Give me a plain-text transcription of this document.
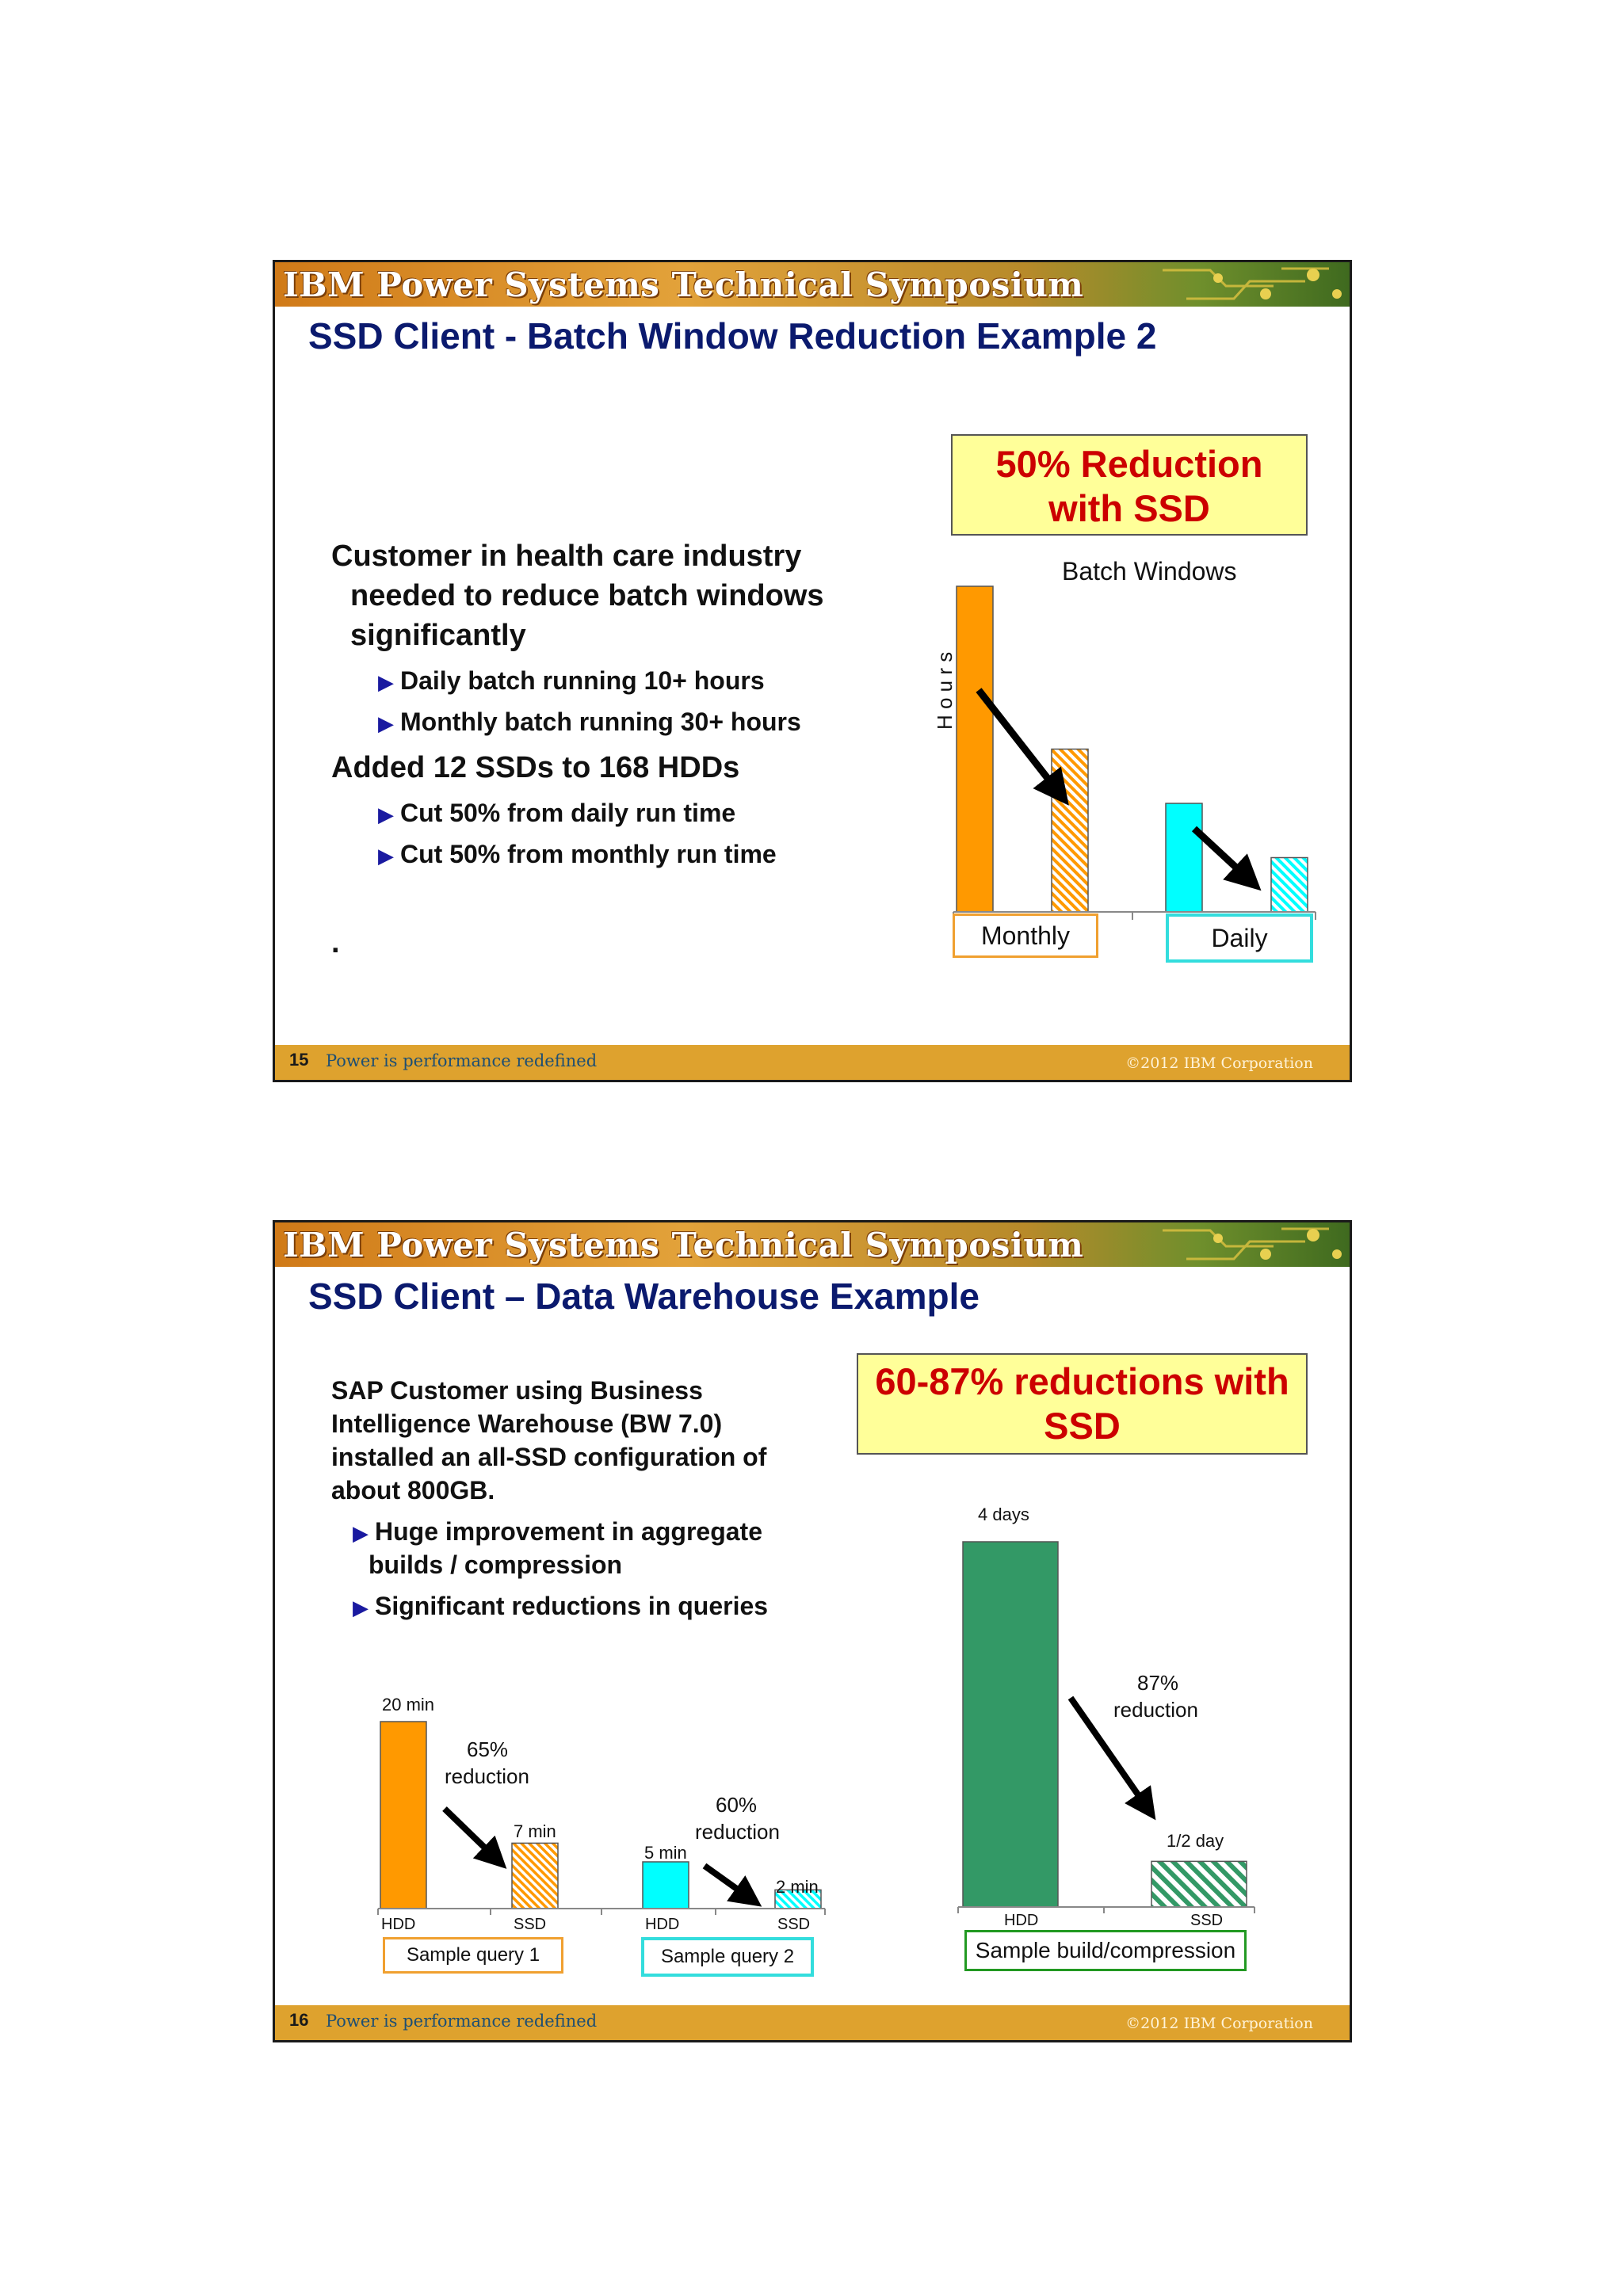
IBM Power Systems Technical Symposium
SSD Client - Batch Window Reduction Example 2
50% Reduction
with SSD
Customer in health care industry
needed to reduce batch windows
significantly
▶ Daily batch running 10+ hours
▶ Monthly batch running 30+ hours
Added 12 SSDs to 168 HDDs
▶ Cut 50% from daily run time
▶ Cut 50% from monthly run time
.
Batch Windows
H o u r s
Monthly	Daily
15 Power is performance redefined	©2012 IBM Corporation
IBM Power Systems Technical Symposium
SSD Client – Data Warehouse Example
60-87% reductions with
SSD
SAP Customer using Business
Intelligence Warehouse (BW 7.0)
installed an all-SSD configuration of
about 800GB.
▶ Huge improvement in aggregate
builds / compression
▶ Significant reductions in queries
20 min
7 min
5 min
2 min
65%
reduction
60%
reduction
HDD	SSD	HDD	SSD
Sample query 1	Sample query 2
4 days
1/2 day
87%
reduction
HDD	SSD
Sample build/compression
16 Power is performance redefined	©2012 IBM Corporation
